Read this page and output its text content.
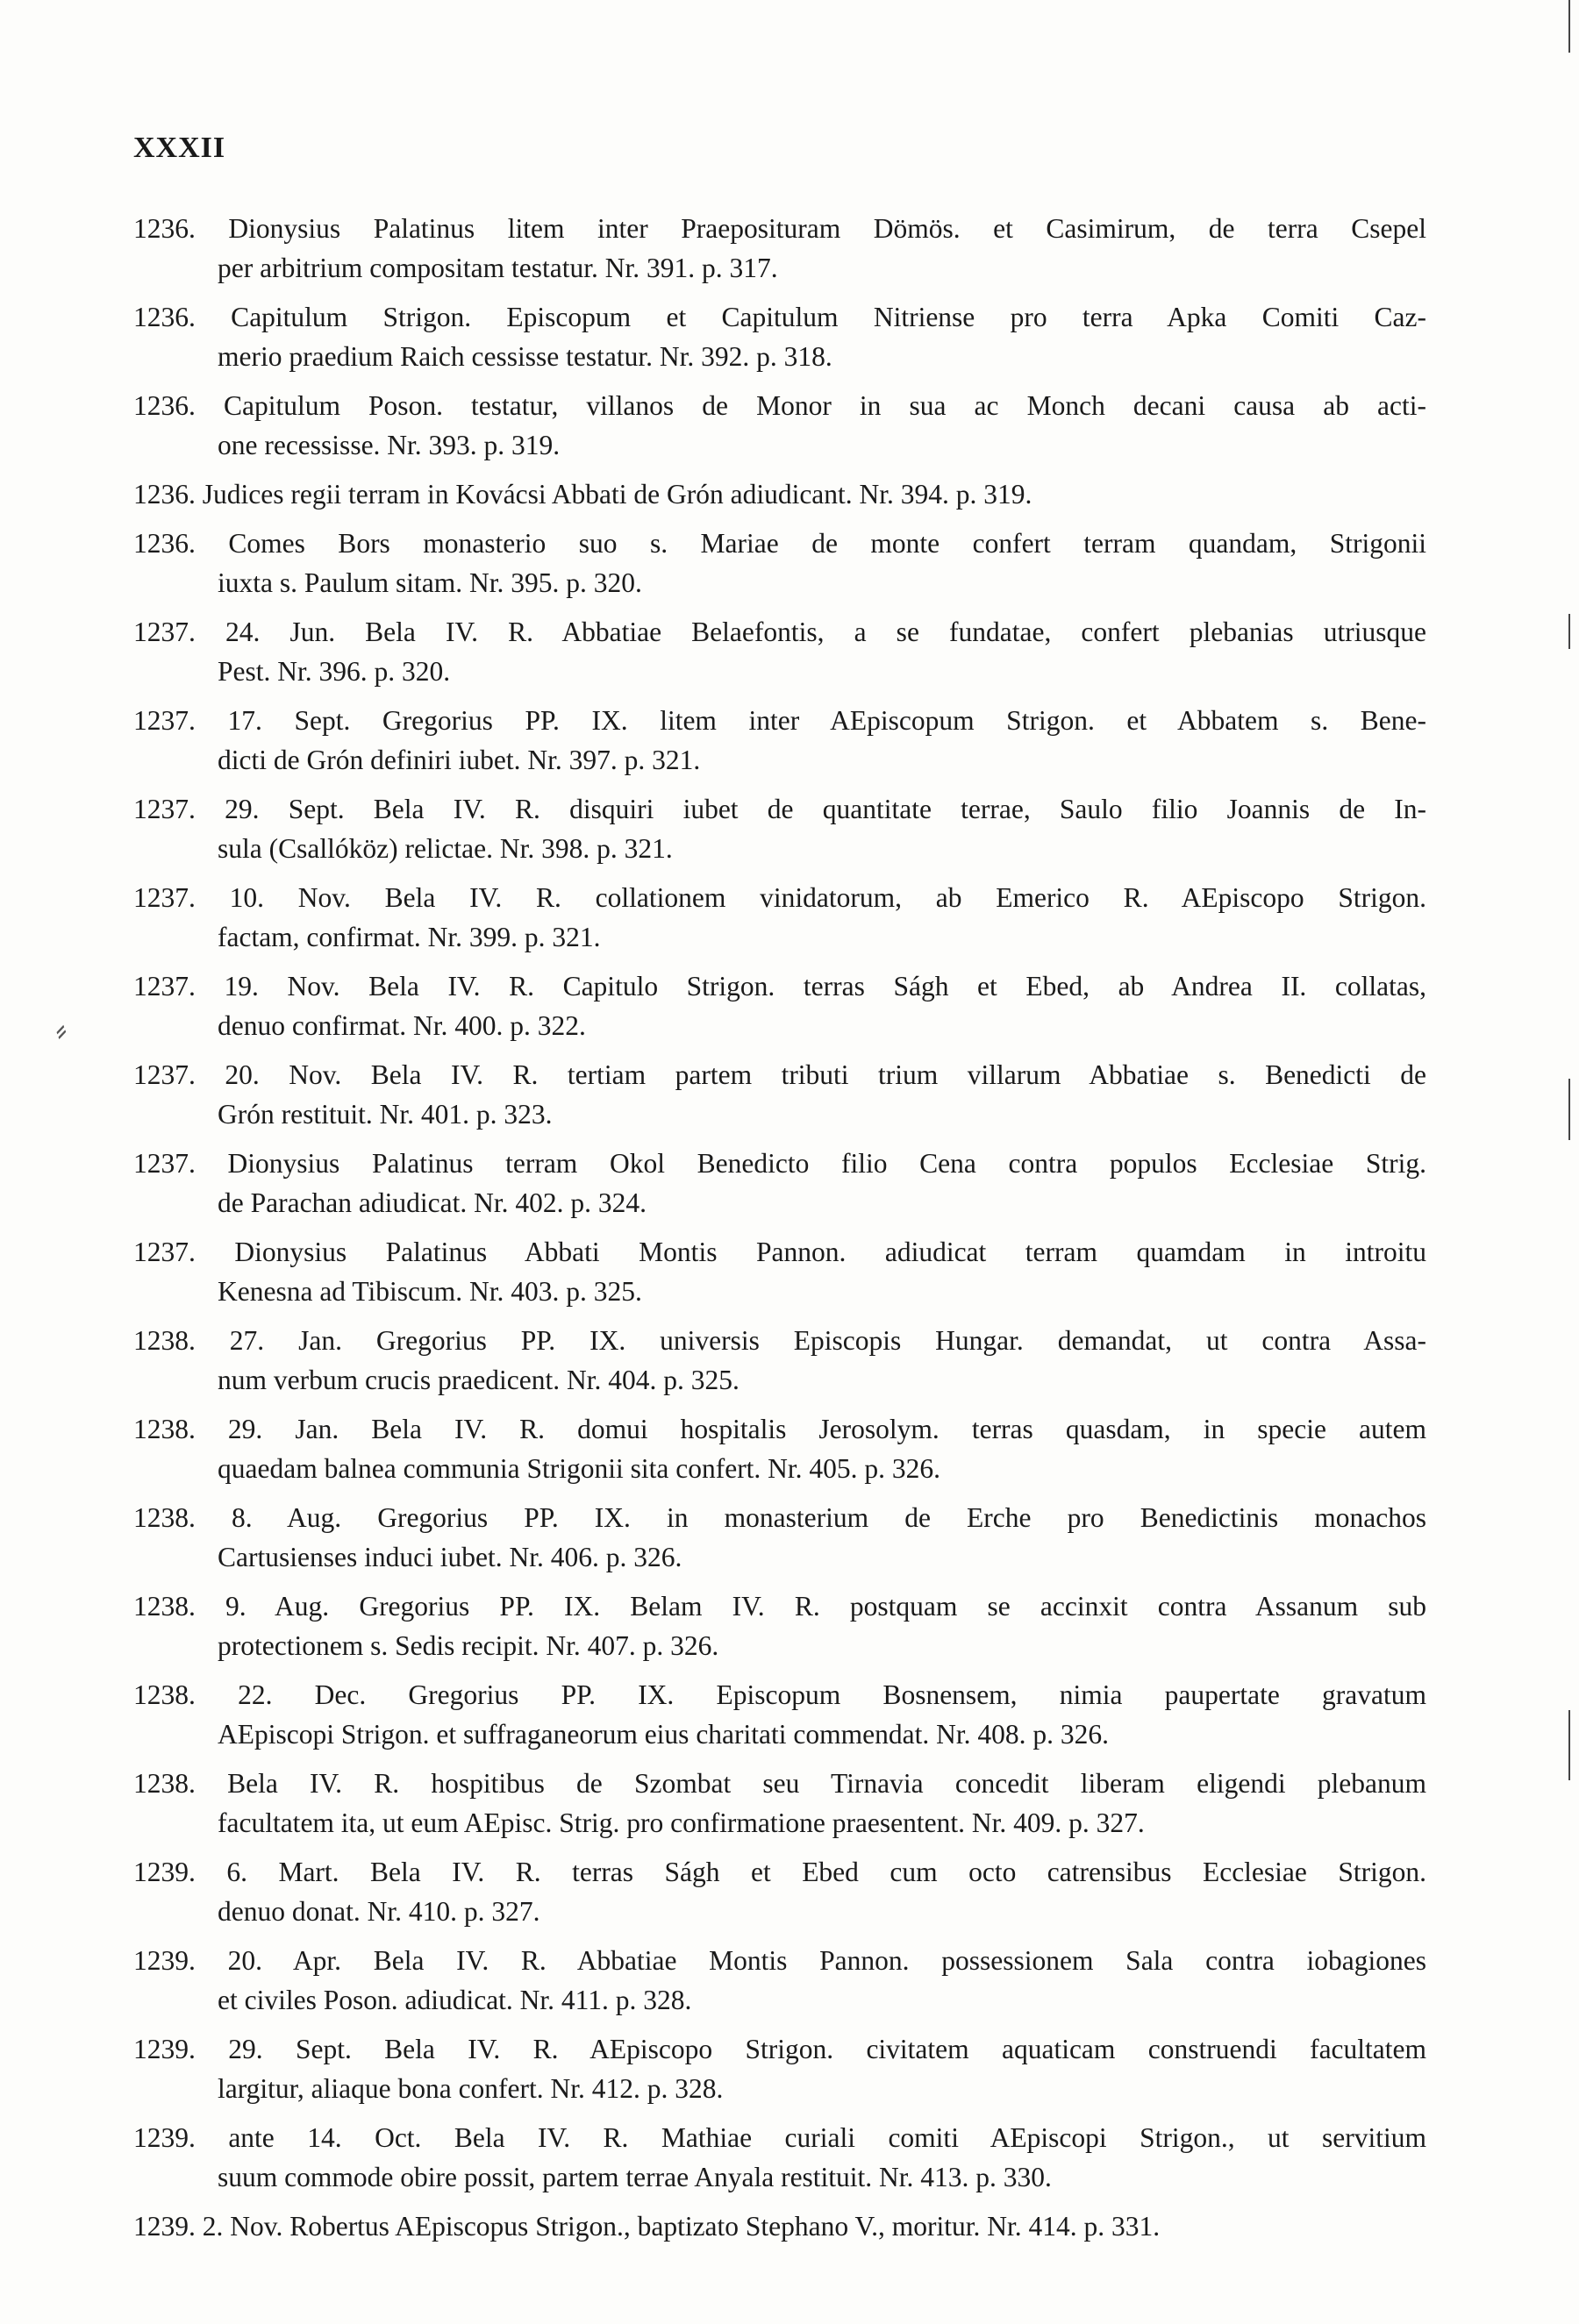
XXXII
⸗
1236. Dionysius Palatinus litem inter Praeposituram Dömös. et Casimirum, de terra Csepel
per arbitrium compositam testatur. Nr. 391. p. 317.
1236. Capitulum Strigon. Episcopum et Capitulum Nitriense pro terra Apka Comiti Caz-
merio praedium Raich cessisse testatur. Nr. 392. p. 318.
1236. Capitulum Poson. testatur, villanos de Monor in sua ac Monch decani causa ab acti-
one recessisse. Nr. 393. p. 319.
1236. Judices regii terram in Kovácsi Abbati de Grón adiudicant. Nr. 394. p. 319.
1236. Comes Bors monasterio suo s. Mariae de monte confert terram quandam, Strigonii
iuxta s. Paulum sitam. Nr. 395. p. 320.
1237. 24. Jun. Bela IV. R. Abbatiae Belaefontis, a se fundatae, confert plebanias utriusque
Pest. Nr. 396. p. 320.
1237. 17. Sept. Gregorius PP. IX. litem inter AEpiscopum Strigon. et Abbatem s. Bene-
dicti de Grón definiri iubet. Nr. 397. p. 321.
1237. 29. Sept. Bela IV. R. disquiri iubet de quantitate terrae, Saulo filio Joannis de In-
sula (Csallóköz) relictae. Nr. 398. p. 321.
1237. 10. Nov. Bela IV. R. collationem vinidatorum, ab Emerico R. AEpiscopo Strigon.
factam, confirmat. Nr. 399. p. 321.
1237. 19. Nov. Bela IV. R. Capitulo Strigon. terras Ságh et Ebed, ab Andrea II. collatas,
denuo confirmat. Nr. 400. p. 322.
1237. 20. Nov. Bela IV. R. tertiam partem tributi trium villarum Abbatiae s. Benedicti de
Grón restituit. Nr. 401. p. 323.
1237. Dionysius Palatinus terram Okol Benedicto filio Cena contra populos Ecclesiae Strig.
de Parachan adiudicat. Nr. 402. p. 324.
1237. Dionysius Palatinus Abbati Montis Pannon. adiudicat terram quamdam in introitu
Kenesna ad Tibiscum. Nr. 403. p. 325.
1238. 27. Jan. Gregorius PP. IX. universis Episcopis Hungar. demandat, ut contra Assa-
num verbum crucis praedicent. Nr. 404. p. 325.
1238. 29. Jan. Bela IV. R. domui hospitalis Jerosolym. terras quasdam, in specie autem
quaedam balnea communia Strigonii sita confert. Nr. 405. p. 326.
1238. 8. Aug. Gregorius PP. IX. in monasterium de Erche pro Benedictinis monachos
Cartusienses induci iubet. Nr. 406. p. 326.
1238. 9. Aug. Gregorius PP. IX. Belam IV. R. postquam se accinxit contra Assanum sub
protectionem s. Sedis recipit. Nr. 407. p. 326.
1238. 22. Dec. Gregorius PP. IX. Episcopum Bosnensem, nimia paupertate gravatum
AEpiscopi Strigon. et suffraganeorum eius charitati commendat. Nr. 408. p. 326.
1238. Bela IV. R. hospitibus de Szombat seu Tirnavia concedit liberam eligendi plebanum
facultatem ita, ut eum AEpisc. Strig. pro confirmatione praesentent. Nr. 409. p. 327.
1239. 6. Mart. Bela IV. R. terras Ságh et Ebed cum octo catrensibus Ecclesiae Strigon.
denuo donat. Nr. 410. p. 327.
1239. 20. Apr. Bela IV. R. Abbatiae Montis Pannon. possessionem Sala contra iobagiones
et civiles Poson. adiudicat. Nr. 411. p. 328.
1239. 29. Sept. Bela IV. R. AEpiscopo Strigon. civitatem aquaticam construendi facultatem
largitur, aliaque bona confert. Nr. 412. p. 328.
1239. ante 14. Oct. Bela IV. R. Mathiae curiali comiti AEpiscopi Strigon., ut servitium
suum commode obire possit, partem terrae Anyala restituit. Nr. 413. p. 330.
1239. 2. Nov. Robertus AEpiscopus Strigon., baptizato Stephano V., moritur. Nr. 414. p. 331.
